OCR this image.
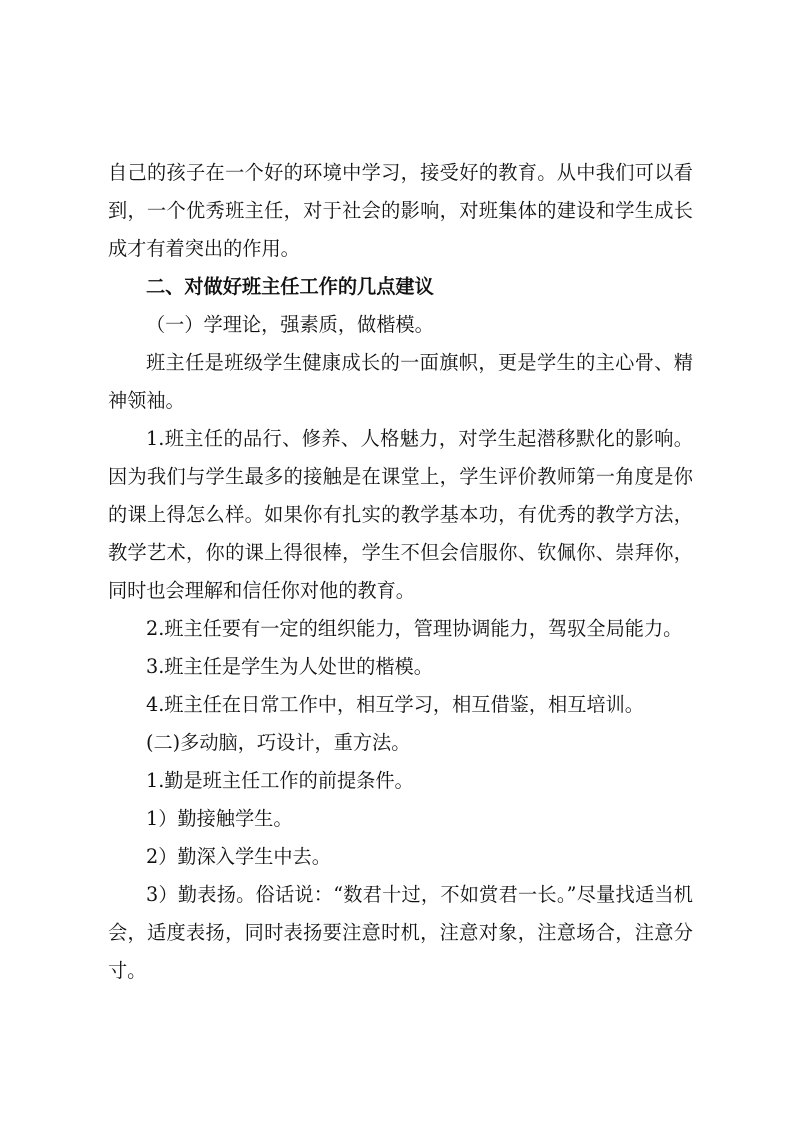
自己的孩子在一个好的环境中学习，接受好的教育。从中我们可以看到，一个优秀班主任，对于社会的影响，对班集体的建设和学生成长成才有着突出的作用。

二、对做好班主任工作的几点建议

（一）学理论，强素质，做楷模。

班主任是班级学生健康成长的一面旗帜，更是学生的主心骨、精神领袖。

1.班主任的品行、修养、人格魅力，对学生起潜移默化的影响。因为我们与学生最多的接触是在课堂上，学生评价教师第一角度是你的课上得怎么样。如果你有扎实的教学基本功，有优秀的教学方法，教学艺术，你的课上得很棒，学生不但会信服你、钦佩你、崇拜你，同时也会理解和信任你对他的教育。

2.班主任要有一定的组织能力，管理协调能力，驾驭全局能力。

3.班主任是学生为人处世的楷模。

4.班主任在日常工作中，相互学习，相互借鉴，相互培训。

(二)多动脑，巧设计，重方法。

1.勤是班主任工作的前提条件。

1）勤接触学生。

2）勤深入学生中去。

3）勤表扬。俗话说：“数君十过，不如赏君一长。”尽量找适当机会，适度表扬，同时表扬要注意时机，注意对象，注意场合，注意分寸。
